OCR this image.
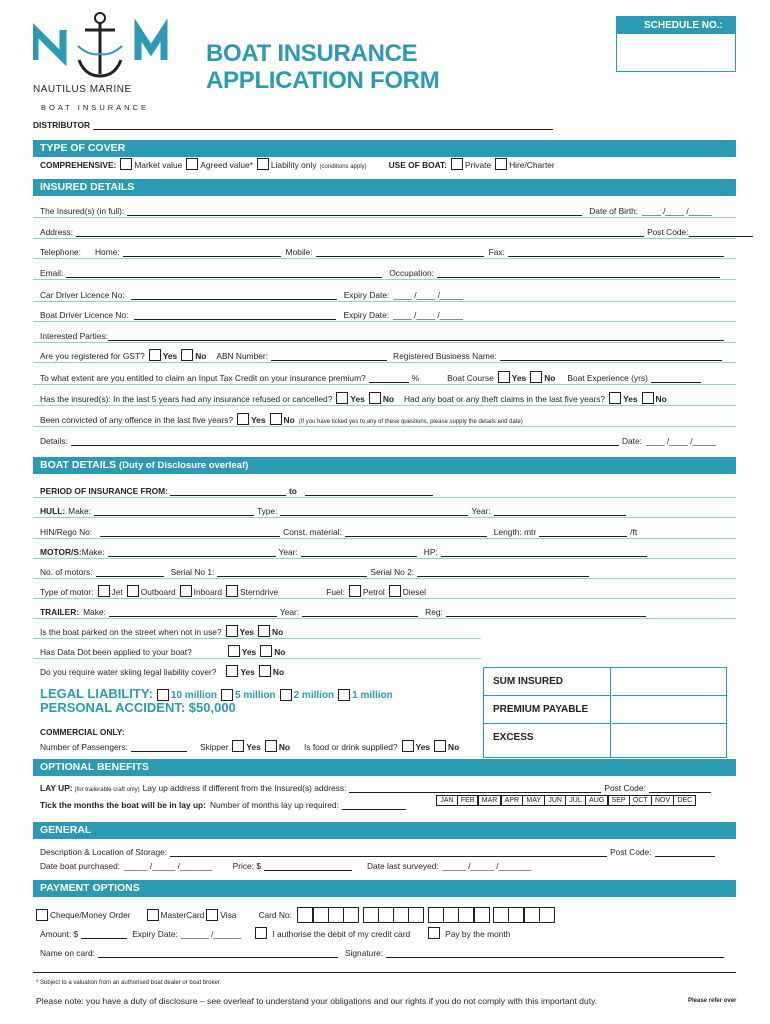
NAUTILUS MARINE
BOAT INSURANCE
BOAT INSURANCE
APPLICATION FORM
SCHEDULE NO.:
DISTRIBUTOR
TYPE OF COVER
COMPREHENSIVE: Market value Agreed value* Liability only (conditions apply)	USE OF BOAT: Private Hire/Charter
INSURED DETAILS
The Insured(s) (in full):	Date of Birth: ____ /____ /_____
Address:	Post Code:
Telephone: Home:	Mobile:	Fax:
Email:	Occupation:
Car Driver Licence No:	Expiry Date: ____ /____ /_____
Boat Driver Licence No:	Expiry Date: ____ /____ /_____
Interested Parties:
Are you registered for GST? Yes No ABN Number:	Registered Business Name:
To what extent are you entitled to claim an Input Tax Credit on your insurance premium?	%	Boat Course Yes No Boat Experience (yrs)
Has the insured(s): In the last 5 years had any insurance refused or cancelled? Yes No Had any boat or any theft claims in the last five years? Yes No
Been convicted of any offence in the last five years? Yes No (If you have ticked yes to any of these questions, please supply the details and date)
Details:	Date: ____ /____ /_____
BOAT DETAILS (Duty of Disclosure overleaf)
PERIOD OF INSURANCE FROM:	to
HULL: Make:	Type:	Year:
HIN/Rego No:	Const. material:	Length: mtr	/ft
MOTOR/S: Make:	Year:	HP:
No. of motors:	Serial No 1:	Serial No 2:
Type of motor: Jet Outboard Inboard Sterndrive	Fuel: Petrol Diesel
TRAILER: Make:	Year:	Reg:
Is the boat parked on the street when not in use? Yes No
Has Data Dot been applied to your boat?	Yes No
Do you require water skiing legal liability cover?	Yes No
LEGAL LIABILITY: 10 million 5 million 2 million 1 million
PERSONAL ACCIDENT: $50,000
COMMERCIAL ONLY:
Number of Passengers:	Skipper Yes No Is food or drink supplied? Yes No
SUM INSURED
PREMIUM PAYABLE
EXCESS
OPTIONAL BENEFITS
LAY UP: (for trailerable craft only) Lay up address if different from the Insured(s) address:	Post Code:
Tick the months the boat will be in lay up: Number of months lay up required:	JAN	FEB	MAR	APR	MAY	JUN	JUL	AUG	SEP	OCT	NOV	DEC
GENERAL
Description & Location of Storage:	Post Code:
Date boat purchased: _____ /_____ /_______ Price: $	Date last surveyed: _____ /_____ /_______
PAYMENT OPTIONS
Cheque/Money Order	MasterCard Visa	Card No:
Amount: $	Expiry Date: ______ /______	I authorise the debit of my credit card	Pay by the month
Name on card:	Signature:
* Subject to a valuation from an authorised boat dealer or boat broker.
Please note: you have a duty of disclosure – see overleaf to understand your obligations and our rights if you do not comply with this important duty.	Please refer over
